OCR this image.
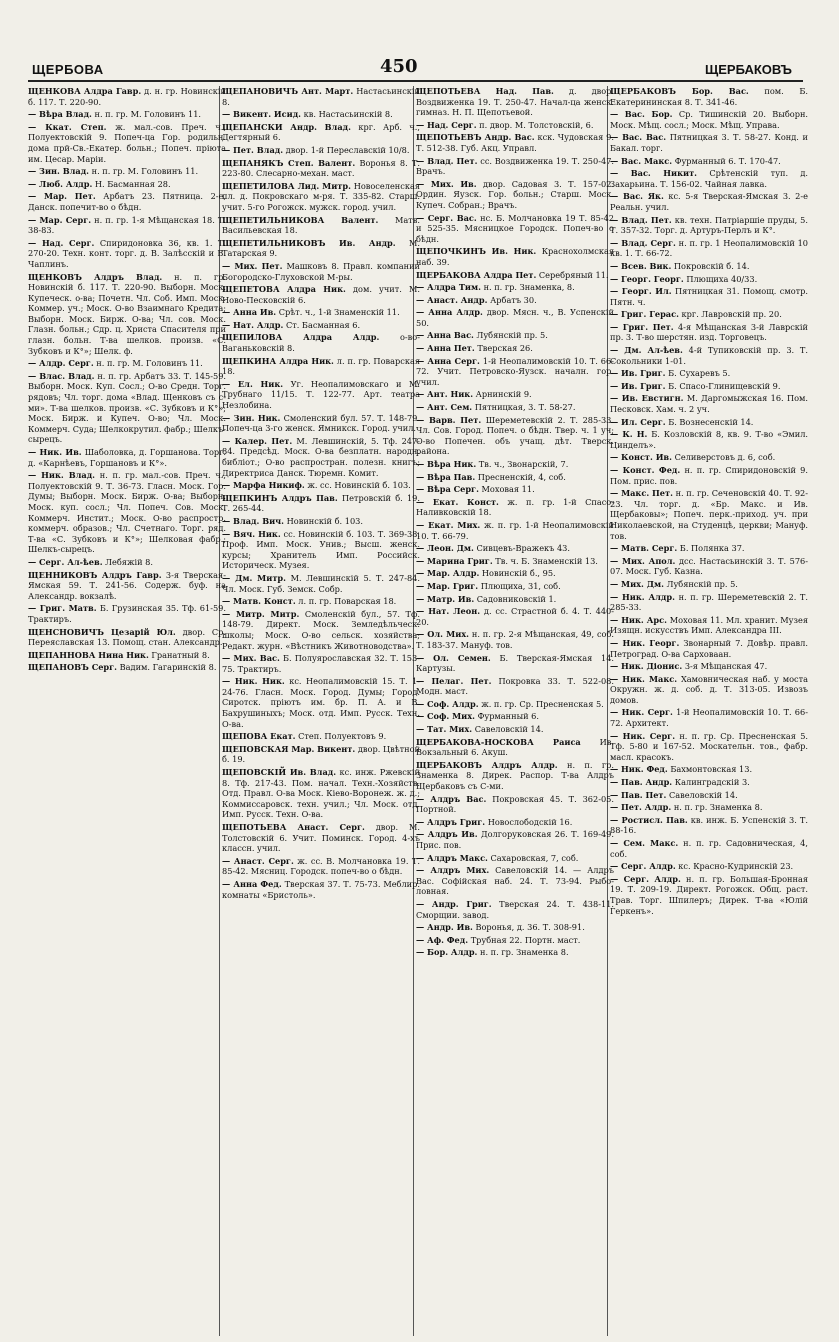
ЩЕРБОВА	450	ЩЕРБАКОВЪ
ЩЕНКОВА Алдра Гавр. д. н. гр. Новинскій б. 117. Т. 220-90.
— Вѣра Влад. н. п. гр. М. Головинъ 11.
— Ккат. Степ. ж. мал.-сов. Преч. ч., Полуектовскій 9. Попеч-ца Гор. родильн. дома прй-Св.-Екатер. больн.; Попеч. пріюта им. Цесар. Маріи.
— Зин. Влад. н. п. гр. М. Головинъ 11.
— Люб. Алдр. Н. Басманная 28.
— Мар. Пет. Арбатъ 23. Пятница. 2-е, Данск. попечит-во о бѣдн.
— Мар. Серг. н. п. гр. 1-я Мѣщанская 18. Т. 38-83.
— Над. Серг. Спиридоновка 36, кв. 1. Т. 270-20. Техн. конт. торг. д. В. Залѣсскій и В. Чаплинъ.
ЩЕНКОВЪ Алдръ Влад. н. п. гр. Новинскій б. 117. Т. 220-90. Выборн. Моск. Купеческ. о-ва; Почетн. Чл. Соб. Имп. Моск. Коммер. уч.; Моск. О-во Взаимнаго Кредита; Выборн. Моск. Бирж. О-ва; Чл. сов. Моск. Глазн. больн.; Сдр. ц. Христа Спасителя при глазн. больн. Т-ва шелков. произв. «С. Зубковъ и К°»; Шелк. ф.
— Алдр. Серг. н. п. гр. М. Головинъ 11.
— Влас. Влад. н. п. гр. Арбатъ 33. Т. 145-59. Выборн. Моск. Куп. Сосл.; О-во Средн. Торг. рядовъ; Чл. торг. дома «Влад. Щенковъ съ с-ми». Т-ва шелков. произв. «С. Зубковъ и К°»; Моск. Бирж. и Купеч. О-во; Чл. Моск. Коммерч. Суда; Шелкокрутил. фабр.; Шелкъ-сырецъ.
— Ник. Ив. Шаболовка, д. Горшанова. Торг. д. «Карнѣевъ, Горшановъ и К°».
— Ник. Влад. н. п. гр. мал.-сов. Преч. ч., Полуектовскій 9. Т. 36-73. Гласн. Моск. Гор. Думы; Выборн. Моск. Бирж. О-ва; Выборн. Моск. куп. сосл.; Чл. Попеч. Сов. Моск. Коммерч. Инстит.; Моск. О-во распростр. коммерч. образов.; Чл. Счетнаго. Торг. ряд. Т-ва «С. Зубковъ и К°»; Шелковая фабр.; Шелкъ-сырецъ.
— Серг. Ал-ѣев. Лебяжій 8.
ЩЕННИКОВЪ Алдръ Гавр. 3-я Тверская-Ямская 59. Т. 241-56. Содерж. буф. на Александр. вокзалѣ.
— Григ. Матв. Б. Грузинская 35. Тф. 61-59. Трактиръ.
ЩЕНСНОВИЧЪ Цезарій Юл. двор. Ср. Переяславская 13. Помощ. стан. Александр.
ЩЕПАННОВА Нина Ник. Гранатный 8.
ЩЕПАНОВЪ Серг. Вадим. Гагаринскій 8.
ЩЕПАНОВИЧЪ Ант. Март. Настасьинскій 8.
— Викент. Исид. кв. Настасьинскій 8.
ЩЕПАНСКИ Андр. Влад. крг. Арб. ч., Дегтярный 6.
— Пет. Влад. двор. 1-й Переславскій 10/8.
ЩЕПАНЯКЪ Степ. Валент. Воронья 8. Т. 223-80. Слесарно-механ. маст.
ЩЕПЕТИЛОВА Лид. Митр. Новоселенская пл. д. Покровскаго м-ря. Т. 335-82. Старш. учит. 5-го Рогожск. мужск. город. учил.
ЩЕПЕТИЛЬНИКОВА Валент. Матв. Васильевская 18.
ЩЕПЕТИЛЬНИКОВЪ Ив. Андр. М. Татарская 9.
— Мих. Пет. Машковъ 8. Правл. компании Богородско-Глуховской М-ры.
ЩЕПЕТОВА Алдра Ник. дом. учит. М. Ново-Песковскій 6.
— Анна Ив. Срѣт. ч., 1-й Знаменскій 11.
— Нат. Алдр. Ст. Басманная 6.
ЩЕПИЛОВА Алдра Алдр.	о-во-Ваганьковскій 8.
ЩЕПКИНА Алдра Ник. л. п. гр. Поварская 18.
— Ел. Ник. Уг. Неопалимовскаго и М. Трубнаго 11/15. Т. 122-77. Арт. театра Незлобина.
— Зин. Ник. Смоленский бул. 57. Т. 148-79. Попеч-ца 3-го женск. Ямникск. Город. учил.
— Калер. Пет. М. Левшинскій, 5. Тф. 247-84. Предсѣд. Моск. О-ва безплатн. народн. библіот.; О-во распростран. полезн. книгъ; Директриса Данск. Тюремн. Комит.
— Марфа Никиф. ж. сс. Новинскій б. 103.
ЩЕПКИНЪ Алдръ Пав. Петровскій б. 19. Т. 265-44.
— Влад. Вич. Новинскій б. 103.
— Вяч. Ник. сс. Новинскій б. 103. Т. 369-38. Проф. Имп. Моск. Унив.; Высш. женск. курсы; Хранитель Имп. Российск. Историческ. Музея.
— Дм. Митр. М. Левшинскій 5. Т. 247-84. Чл. Моск. Губ. Земск. Собр.
— Матв. Конст. л. п. гр. Поварская 18.
— Митр. Митр. Смоленскій бул., 57. Тф. 148-79. Директ. Моск. Земледѣльческ. школы; Моск. О-во сельск. хозяйства; Редакт. журн. «Вѣстникъ Животноводства».
— Мих. Вас. Б. Полуярославская 32. Т. 153-75. Трактиръ.
— Ник. Ник. кс. Неопалимовскій 15. Т. 1-24-76. Гласн. Моск. Город. Думы; Город. Сиротск. пріютъ им. бр. П. А. и В. Бахрушиныхъ; Моск. отд. Имп. Русск. Техн. О-ва.
ЩЕПОВА Екат. Степ. Полуектовъ 9.
ЩЕПОВСКАЯ Мар. Викент. двор. Цвѣтной б. 19.
ЩЕПОВСКІЙ Ив. Влад. кс. инж. Ржевскій 8. Тф. 217-43. Пом. начал. Техн.-Хозяйств. Отд. Правл. О-ва Моск. Кіево-Воронеж. ж. д.; Коммиссаровск. техн. учил.; Чл. Моск. отд. Имп. Русск. Техн. О-ва.
ЩЕПОТЬЕВА Анаст. Серг. двор. М. Толстовскій 6. Учит. Поминск. Город. 4-хъ классн. учил.
— Анаст. Серг. ж. сс. В. Молчановка 19. Т. 85-42. Мясниц. Городск. попеч-во о бѣдн.
— Анна Фед. Тверская 37. Т. 75-73. Меблир. комнаты «Бристоль».
ЩЕПОТЬЕВА Над. Пав. д. двор. Воздвиженка 19. Т. 250-47. Начал-ца женск. гимназ. Н. П. Щепотьевой.
— Над. Серг. п. двор. М. Толстовскій, 6.
ЩЕПОТЬЕВЪ Андр. Вас. кск. Чудовская 9. Т. 512-38. Губ. Акц. Управл.
— Влад. Пет. сс. Воздвиженка 19. Т. 250-47. Врачъ.
— Мих. Ив. двор. Садовая 3. Т. 157-02. Ордин. Яузск. Гор. больн.; Старш. Моск. Купеч. Собран.; Врачъ.
— Серг. Вас. нс. Б. Молчановка 19 Т. 85-42 и 525-35. Мясницкое Городск. Попеч-во о бѣдн.
ЩЕПОЧКИНЪ Ив. Ник. Краснохолмская наб. 39.
ЩЕРБАКОВА Алдра Пет. Серебряный 11.
— Алдра Тим. н. п. гр. Знаменка, 8.
— Анаст. Андр. Арбатъ 30.
— Анна Алдр. двор. Мясн. ч., В. Успенскій 50.
— Анна Вас. Лубянскій пр. 5.
— Анна Пет. Тверская 26.
— Анна Серг. 1-й Неопалимовскій 10. Т. 66-72. Учит. Петровско-Яузск. началн. гор. учил.
— Ант. Ник. Арнинскій 9.
— Ант. Сем. Пятницкая, 3. Т. 58-27.
— Варв. Пет. Шереметевскій 2. Т. 285-33. Чл. Сов. Город. Попеч. о бѣдн. Твер. ч. 1 уч; О-во Попечен. объ учащ. дѣт. Тверск. района.
— Вѣра Ник. Тв. ч., Звонарскій, 7.
— Вѣра Пав. Пресненскій, 4, соб.
— Вѣра Серг. Моховая 11.
— Екат. Конст. ж. п. гр. 1-й Спасо-Наливковскій 18.
— Екат. Мих. ж. п. гр. 1-й Неопалимовскій 10. Т. 66-79.
— Леон. Дм. Сивцевъ-Вражекъ 43.
— Марина Григ. Тв. ч. Б. Знаменскій 13.
— Мар. Алдр. Новинскій б., 95.
— Мар. Григ. Плющиха, 31, соб.
— Матр. Ив. Садовниковскій 1.
— Нат. Леон. д. сс. Страстной б. 4. Т. 440-20.
— Ол. Мих. н. п. гр. 2-я Мѣщанская, 49, соб. Т. 183-37. Мануф. тов.
— Ол. Семен. Б. Тверская-Ямская 14. Картузы.
— Пелаг. Пет. Покровка 33. Т. 522-08. Модн. маст.
— Соф. Алдр. ж. п. гр. Ср. Пресненская 5.
— Соф. Мих. Фурманный 6.
— Тат. Мих. Савеловскій 14.
ЩЕРБАКОВА-НОСКОВА Раиса Ив. Вокзальный 6. Акуш.
ЩЕРБАКОВЪ Алдръ Алдр. н. п. гр. Знаменка 8. Дирек. Распор. Т-ва Алдръ Щербаковъ съ С-ми.
— Алдръ Вас. Покровская 45. Т. 362-05. Портной.
— Алдръ Григ. Новослободскій 16.
— Алдръ Ив. Долгоруковская 26. Т. 169-49. Прис. пов.
— Алдръ Макс. Сахаровская, 7, соб.
— Алдръ Мих. Савеловскій 14. — Алдръ Вас. Софійская наб. 24. Т. 73-94. Рыбо-ловная.
— Андр. Григ. Тверская 24. Т. 438-11. Сморщии. завод.
— Андр. Ив. Воронья, д. 36. Т. 308-91.
— Аф. Фед. Трубная 22. Портн. маст.
— Бор. Алдр. н. п. гр. Знаменка 8.
ЩЕРБАКОВЪ Бор. Вас. пом. Б. Екатерининская 8. Т. 341-46.
— Вас. Бор. Ср. Тишинскій 20. Выборн. Моск. Мѣщ. сосл.; Моск. Мѣщ. Управа.
— Вас. Вас. Пятницкая 3. Т. 58-27. Конд. и Бакал. торг.
— Вас. Макс. Фурманный 6. Т. 170-47.
— Вас. Никит. Срѣтенскій туп. д. Захарьина. Т. 156-02. Чайная лавка.
— Вас. Як. кс. 5-я Тверская-Ямская 3. 2-е Реальн. учил.
— Влад. Пет. кв. техн. Патріаршіе пруды, 5. Т. 357-32. Торг. д. Артуръ-Перлъ и К°.
— Влад. Серг. н. п. гр. 1 Неопалимовскій 10 кв. 1. Т. 66-72.
— Всев. Вик. Покровскій б. 14.
— Георг. Георг. Плющиха 40/33.
— Георг. Ил. Пятницкая 31. Помощ. смотр. Пятн. ч.
— Григ. Герас. крг. Лавровскій пр. 20.
— Григ. Пет. 4-я Мѣщанская 3-й Лаврскій пр. 3. Т-во шерстян. изд. Торговецъ.
— Дм. Ал-ѣев. 4-й Тупиковскій пр. 3. Т. Сокольники 1-01.
— Ив. Григ. Б. Сухаревъ 5.
— Ив. Григ. Б. Спасо-Глинищевскій 9.
— Ив. Евстигн. М. Даргомыжская 16. Пом. Песковск. Хам. ч. 2 уч.
— Ил. Серг. Б. Вознесенскій 14.
— К. Н. Б. Козловскій 8, кв. 9. Т-во «Эмил. Цинделъ».
— Конст. Ив. Селиверстовъ д. 6, соб.
— Конст. Фед. н. п. гр. Спиридоновскій 9. Пом. прис. пов.
— Макс. Пет. н. п. гр. Сеченовскій 40. Т. 92-23. Чл. торг. д. «Бр. Макс. и Ив. Щербаковы»; Попеч. перк.-приход. уч. при Николаевской, на Студенцѣ, церкви; Мануф. тов.
— Матв. Серг. Б. Полянка 37.
— Мих. Апол. дсс. Настасьинскій 3. Т. 576-07. Моск. Губ. Казна.
— Мих. Дм. Лубянскій пр. 5.
— Ник. Алдр. н. п. гр. Шереметевскій 2. Т. 285-33.
— Ник. Арс. Моховая 11. Мл. хранит. Музея Изящн. искусствъ Имп. Александра III.
— Ник. Георг. Звонарный 7. Довѣр. правл. Петроград. О-ва Сарховаан.
— Ник. Діонис. 3-я Мѣщанская 47.
— Ник. Макс. Хамовническая наб. у моста Окружн. ж. д. соб. д. Т. 313-05. Извозъ домов.
— Ник. Серг. 1-й Неопалимовскій 10. Т. 66-72. Архитект.
— Ник. Серг. н. п. гр. Ср. Пресненская 5. Тф. 5-80 и 167-52. Москательн. тов., фабр. масл. красокъ.
— Ник. Фед. Бахмонтовская 13.
— Пав. Андр. Калинградскій 3.
— Пав. Пет. Савеловскій 14.
— Пет. Алдр. н. п. гр. Знаменка 8.
— Ростисл. Пав. кв. инж. Б. Успенскій 3. Т. 88-16.
— Сем. Макс. н. п. гр. Садовническая, 4, соб.
— Серг. Алдр. кс. Красно-Кудринскій 23.
— Серг. Алдр. н. п. гр. Большая-Бронная 19. Т. 209-19. Директ. Рогожск. Общ. раст. Трав. Торг. Шпилеръ; Дирек. Т-ва «Юлій Геркенъ».
